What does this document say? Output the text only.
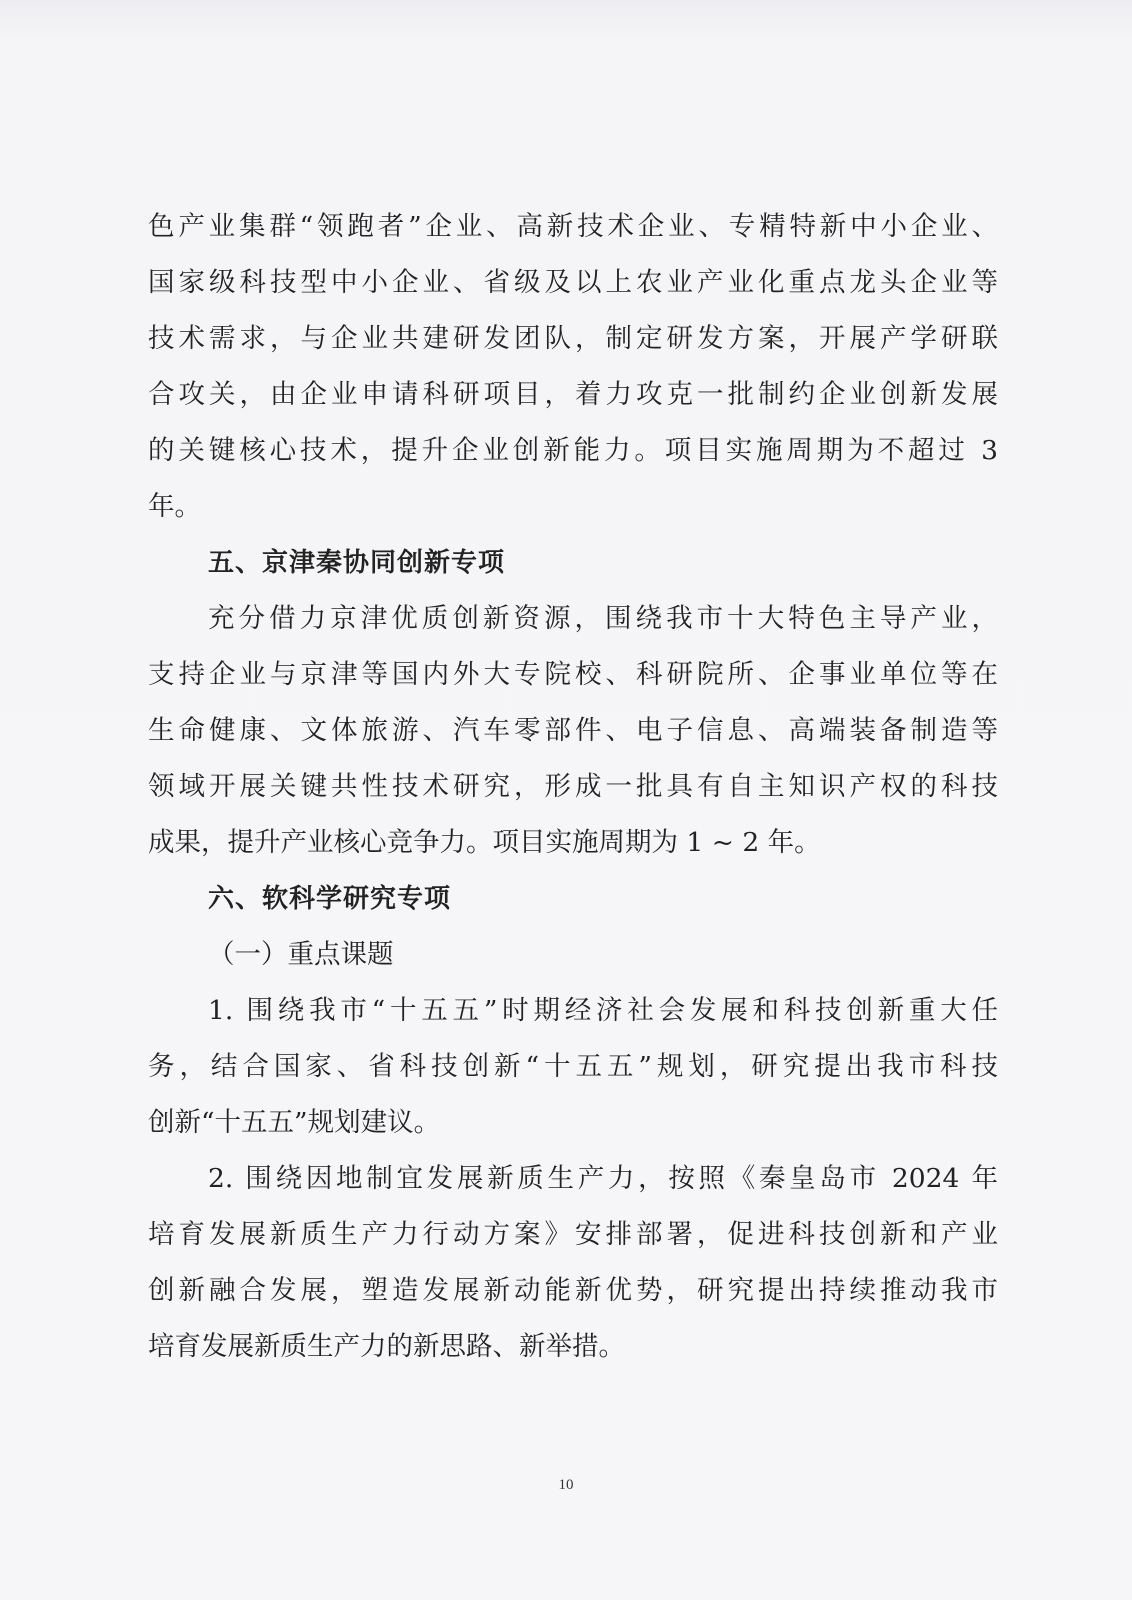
色产业集群“领跑者”企业、高新技术企业、专精特新中小企业、
国家级科技型中小企业、省级及以上农业产业化重点龙头企业等
技术需求，与企业共建研发团队，制定研发方案，开展产学研联
合攻关，由企业申请科研项目，着力攻克一批制约企业创新发展
的关键核心技术，提升企业创新能力。项目实施周期为不超过 3
年。
五、京津秦协同创新专项
充分借力京津优质创新资源，围绕我市十大特色主导产业，
支持企业与京津等国内外大专院校、科研院所、企事业单位等在
生命健康、文体旅游、汽车零部件、电子信息、高端装备制造等
领域开展关键共性技术研究，形成一批具有自主知识产权的科技
成果，提升产业核心竞争力。项目实施周期为 1 ~ 2 年。
六、软科学研究专项
（一）重点课题
1. 围绕我市“十五五”时期经济社会发展和科技创新重大任
务，结合国家、省科技创新“十五五”规划，研究提出我市科技
创新“十五五”规划建议。
2. 围绕因地制宜发展新质生产力，按照《秦皇岛市 2024 年
培育发展新质生产力行动方案》安排部署，促进科技创新和产业
创新融合发展，塑造发展新动能新优势，研究提出持续推动我市
培育发展新质生产力的新思路、新举措。
10
